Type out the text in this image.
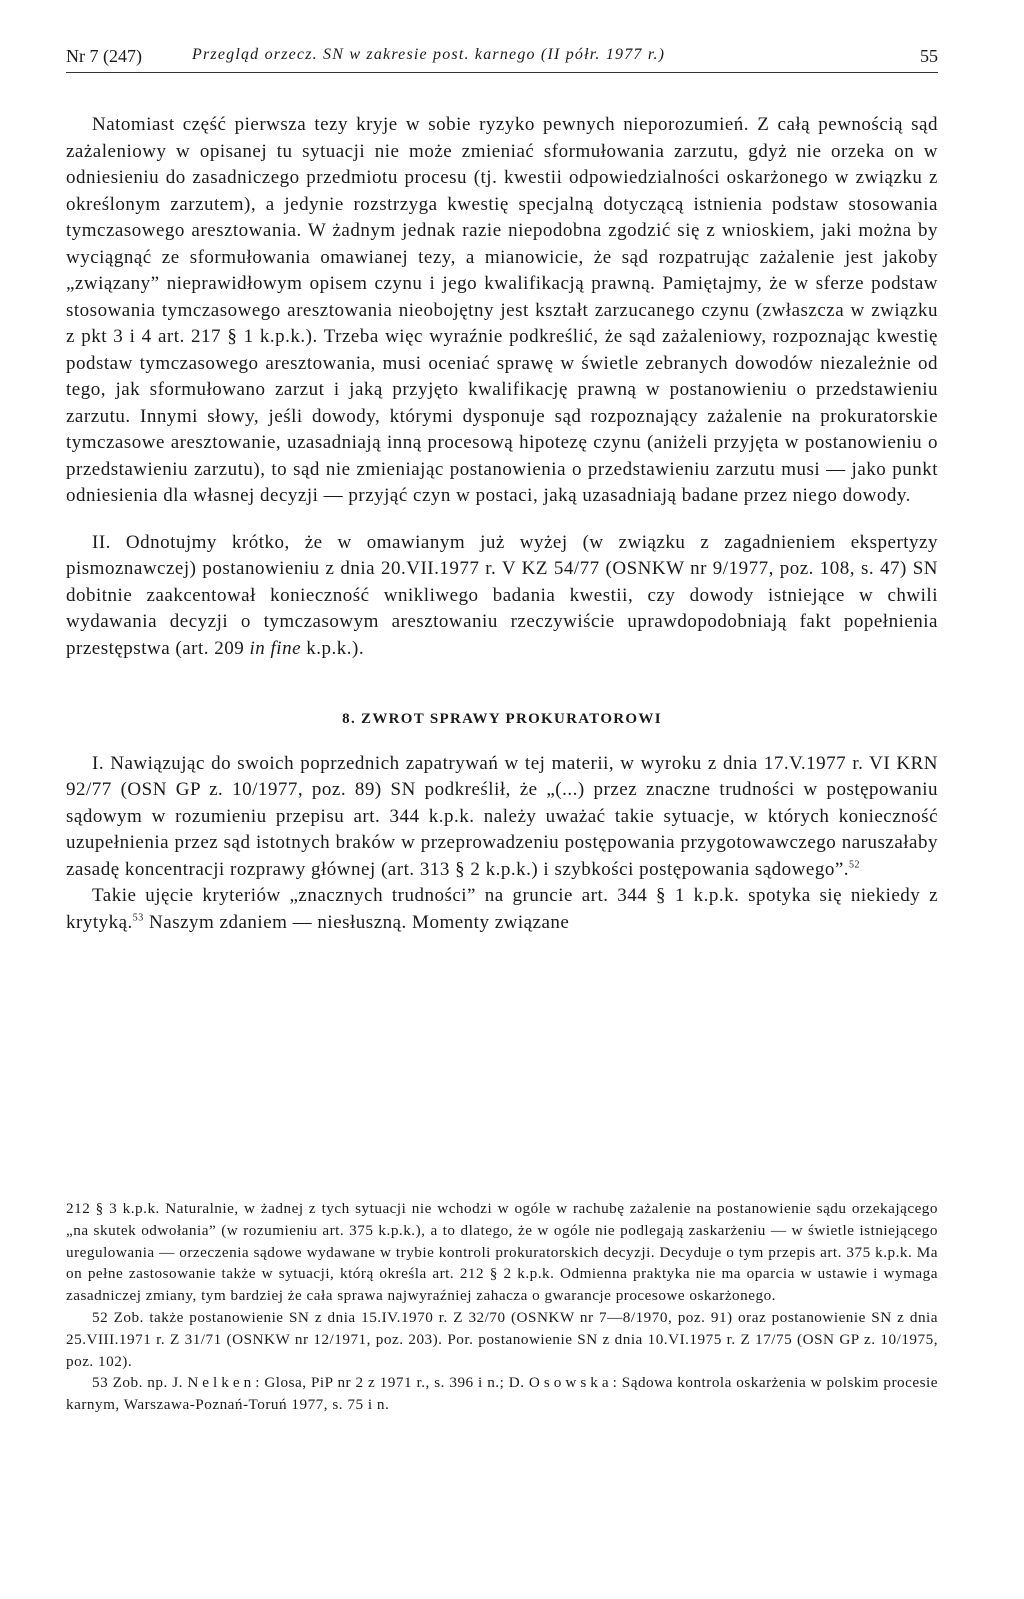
Nr 7 (247)	Przegląd orzecz. SN w zakresie post. karnego (II półr. 1977 r.)	55

Natomiast część pierwsza tezy kryje w sobie ryzyko pewnych nieporozumień. Z całą pewnością sąd zażaleniowy w opisanej tu sytuacji nie może zmieniać sformułowania zarzutu, gdyż nie orzeka on w odniesieniu do zasadniczego przedmiotu procesu (tj. kwestii odpowiedzialności oskarżonego w związku z określonym zarzutem), a jedynie rozstrzyga kwestię specjalną dotyczącą istnienia podstaw stosowania tymczasowego aresztowania. W żadnym jednak razie niepodobna zgodzić się z wnioskiem, jaki można by wyciągnąć ze sformułowania omawianej tezy, a mianowicie, że sąd rozpatrując zażalenie jest jakoby „związany” nieprawidłowym opisem czynu i jego kwalifikacją prawną. Pamiętajmy, że w sferze podstaw stosowania tymczasowego aresztowania nieobojętny jest kształt zarzucanego czynu (zwłaszcza w związku z pkt 3 i 4 art. 217 § 1 k.p.k.). Trzeba więc wyraźnie podkreślić, że sąd zażaleniowy, rozpoznając kwestię podstaw tymczasowego aresztowania, musi oceniać sprawę w świetle zebranych dowodów niezależnie od tego, jak sformułowano zarzut i jaką przyjęto kwalifikację prawną w postanowieniu o przedstawieniu zarzutu. Innymi słowy, jeśli dowody, którymi dysponuje sąd rozpoznający zażalenie na prokuratorskie tymczasowe aresztowanie, uzasadniają inną procesową hipotezę czynu (aniżeli przyjęta w postanowieniu o przedstawieniu zarzutu), to sąd nie zmieniając postanowienia o przedstawieniu zarzutu musi — jako punkt odniesienia dla własnej decyzji — przyjąć czyn w postaci, jaką uzasadniają badane przez niego dowody.

II. Odnotujmy krótko, że w omawianym już wyżej (w związku z zagadnieniem ekspertyzy pismoznawczej) postanowieniu z dnia 20.VII.1977 r. V KZ 54/77 (OSNKW nr 9/1977, poz. 108, s. 47) SN dobitnie zaakcentował konieczność wnikliwego badania kwestii, czy dowody istniejące w chwili wydawania decyzji o tymczasowym aresztowaniu rzeczywiście uprawdopodobniają fakt popełnienia przestępstwa (art. 209 in fine k.p.k.).

8. ZWROT SPRAWY PROKURATOROWI

I. Nawiązując do swoich poprzednich zapatrywań w tej materii, w wyroku z dnia 17.V.1977 r. VI KRN 92/77 (OSN GP z. 10/1977, poz. 89) SN podkreślił, że „(...) przez znaczne trudności w postępowaniu sądowym w rozumieniu przepisu art. 344 k.p.k. należy uważać takie sytuacje, w których konieczność uzupełnienia przez sąd istotnych braków w przeprowadzeniu postępowania przygotowawczego naruszałaby zasadę koncentracji rozprawy głównej (art. 313 § 2 k.p.k.) i szybkości postępowania sądowego”.$^{52}$

Takie ujęcie kryteriów „znacznych trudności” na gruncie art. 344 § 1 k.p.k. spotyka się niekiedy z krytyką.$^{53}$ Naszym zdaniem — niesłuszną. Momenty związane

212 § 3 k.p.k. Naturalnie, w żadnej z tych sytuacji nie wchodzi w ogóle w rachubę zażalenie na postanowienie sądu orzekającego „na skutek odwołania” (w rozumieniu art. 375 k.p.k.), a to dlatego, że w ogóle nie podlegają zaskarżeniu — w świetle istniejącego uregulowania — orzeczenia sądowe wydawane w trybie kontroli prokuratorskich decyzji. Decyduje o tym przepis art. 375 k.p.k. Ma on pełne zastosowanie także w sytuacji, którą określa art. 212 § 2 k.p.k. Odmienna praktyka nie ma oparcia w ustawie i wymaga zasadniczej zmiany, tym bardziej że cała sprawa najwyraźniej zahacza o gwarancje procesowe oskarżonego.

52 Zob. także postanowienie SN z dnia 15.IV.1970 r. Z 32/70 (OSNKW nr 7—8/1970, poz. 91) oraz postanowienie SN z dnia 25.VIII.1971 r. Z 31/71 (OSNKW nr 12/1971, poz. 203). Por. postanowienie SN z dnia 10.VI.1975 r. Z 17/75 (OSN GP z. 10/1975, poz. 102).

53 Zob. np. J. Nelken: Glosa, PiP nr 2 z 1971 r., s. 396 i n.; D. Osowska: Sądowa kontrola oskarżenia w polskim procesie karnym, Warszawa-Poznań-Toruń 1977, s. 75 i n.
